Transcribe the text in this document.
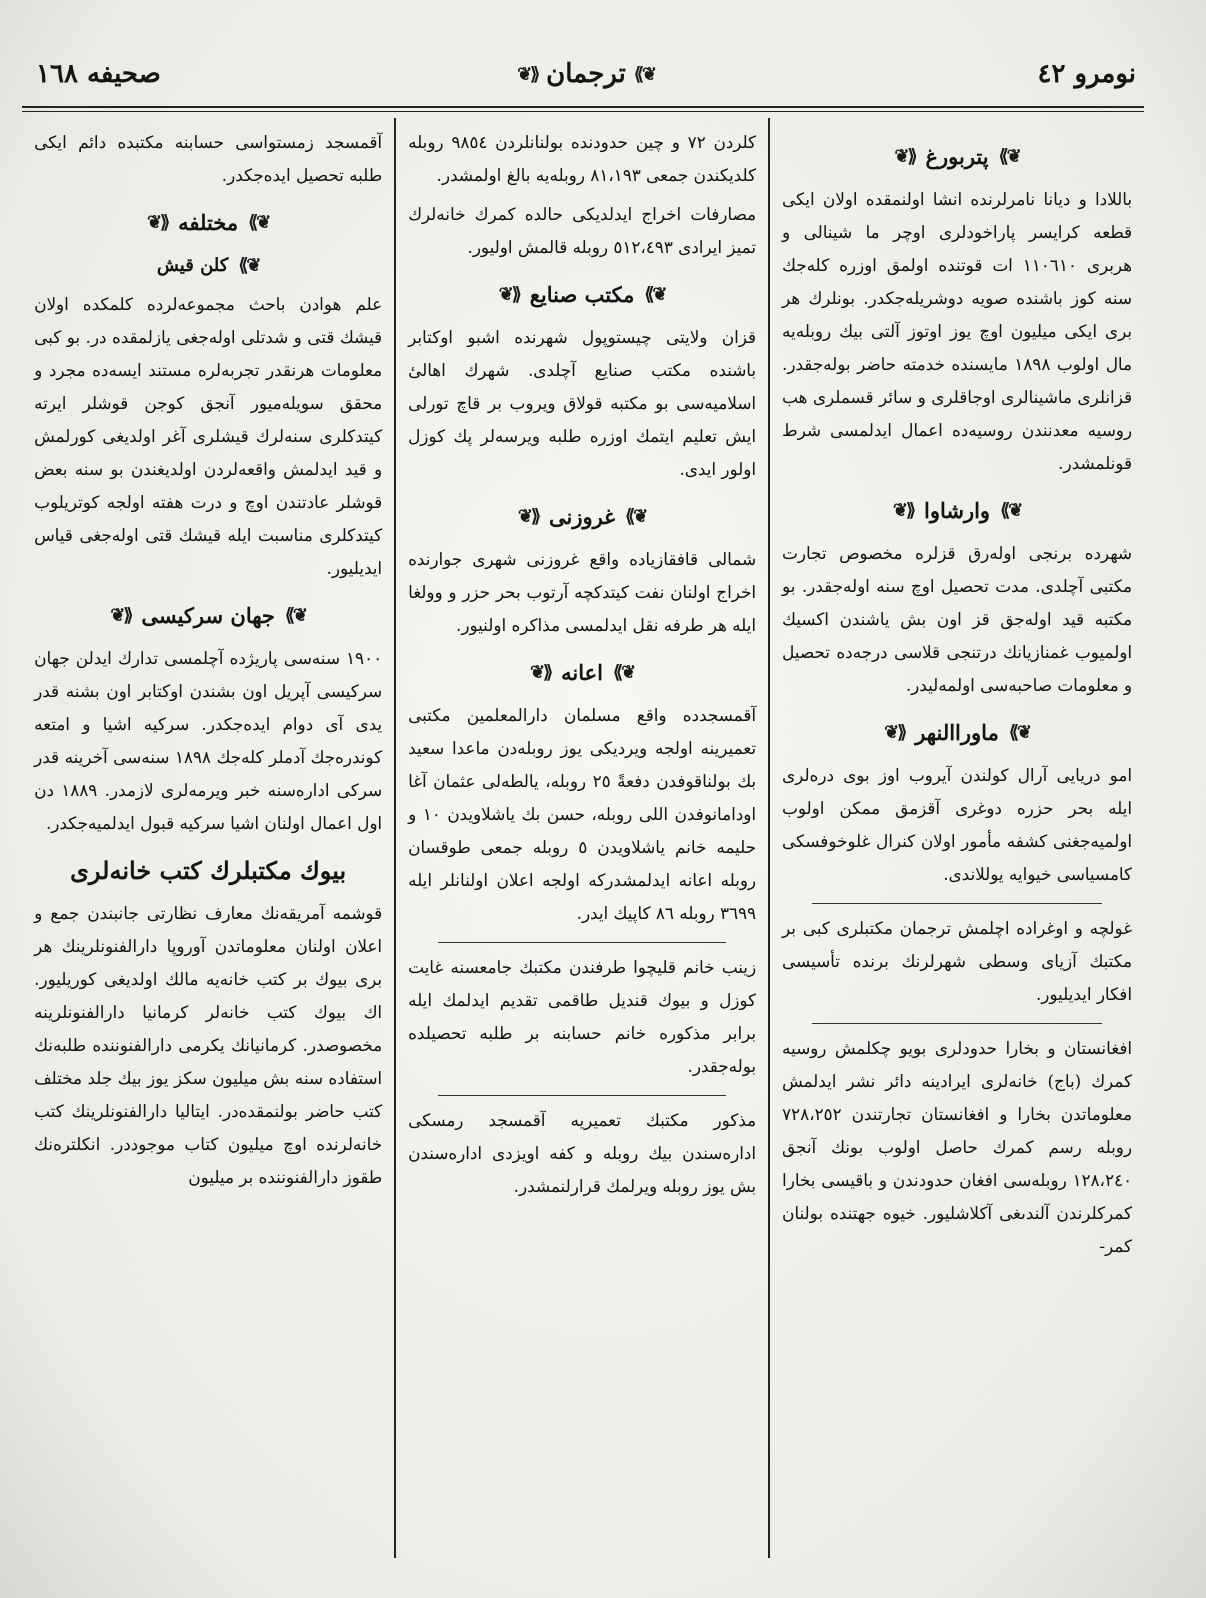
نومرو ٤٢
❦⟫
ترجمان
⟪❦
صحيفه ١٦٨
❦⟫
پتربورغ
⟪❦

باللادا و ديانا نامرلرنده انشا اولنمقده اولان ايكى قطعه كرايسر پاراخودلرى اوچر ما شينالى و هربرى ١١٠٦١٠ ات قوتنده اولمق اوزره كله‌جك سنه كوز باشنده صويه دوشريله‌جكدر. بونلرك هر برى ايكى ميليون اوچ يوز اوتوز آلتى بيك روبله‌يه مال اولوب ١٨٩٨ مايسنده خدمته حاضر بوله‌جقدر. قزانلرى ماشينالرى اوجاقلرى و سائر قسملرى هب روسيه معدنندن روسيه‌ده اعمال ايدلمسى شرط قونلمشدر.

❦⟫
وارشاوا
⟪❦

شهرده برنجى اوله‌رق قزلره مخصوص تجارت مكتبى آچلدى. مدت تحصيل اوچ سنه اوله‌جقدر. بو مكتبه قيد اوله‌جق قز اون بش ياشندن اكسيك اولميوب غمنازيانك درتنجى قلاسى درجه‌ده تحصيل و معلومات صاحبه‌سى اولمه‌ليدر.

❦⟫
ماوراالنهر
⟪❦

امو دريايى آرال كولندن آيروب اوز بوى دره‌لرى ايله بحر حزره دوغرى آقزمق ممكن اولوب اولميه‌جغنى كشفه مأمور اولان كنرال غلوخوفسكى كامسياسى خيوايه يوللاندى.

غولچه و اوغراده اچلمش ترجمان مكتبلرى كبى بر مكتبك آزياى وسطى شهرلرنك برنده تأسيسى افكار ايديليور.

افغانستان و بخارا حدودلرى بويو چكلمش روسيه كمرك (باج) خانه‌لرى ايرادينه دائر نشر ايدلمش معلوماتدن بخارا و افغانستان تجارتندن ٧٢٨،٢٥٢ روبله رسم كمرك حاصل اولوب بونك آنجق ١٢٨،٢٤٠ روبله‌سى افغان حدودندن و باقيسى بخارا كمركلرندن آلندىغى آكلاشليور. خيوه جهتنده بولنان كمر-

كلردن ٧٢ و چين حدودنده بولنانلردن ٩٨٥٤ روبله كلديكندن جمعى ٨١،١٩٣ روبله‌يه بالغ اولمشدر.

مصارفات اخراج ايدلديكى حالده كمرك خانه‌لرك تميز ايرادى ٥١٢،٤٩٣ روبله قالمش اوليور.

❦⟫
مكتب صنايع
⟪❦

قزان ولايتى چيستوپول شهرنده اشبو اوكتابر باشنده مكتب صنايع آچلدى. شهرك اهالىٔ اسلاميه‌سى بو مكتبه قولاق ويروب بر قاچ تورلى ايش تعليم ايتمك اوزره طلبه ويرسه‌لر پك كوزل اولور ايدى.

❦⟫
غروزنى
⟪❦

شمالى قافقازياده واقع غروزنى شهرى جوارنده اخراج اولنان نفت كيتدكچه آرتوب بحر حزر و وولغا ايله هر طرفه نقل ايدلمسى مذاكره اولنيور.

❦⟫
اعانه
⟪❦

آقمسجدده واقع مسلمان دارالمعلمين مكتبى تعميرينه اولجه ويرديكى يوز روبله‌دن ماعدا سعيد بك بولناقوفدن دفعةً ٢٥ روبله، يالطه‌لى عثمان آغا اودامانوفدن اللى روبله، حسن بك ياشلاويدن ١٠ و حليمه خانم ياشلاويدن ٥ روبله جمعى طوقسان روبله اعانه ايدلمشدركه اولجه اعلان اولنانلر ايله ٣٦٩٩ روبله ٨٦ كاپيك ايدر.

زينب خانم قليچوا طرفندن مكتبك جامعسنه غايت كوزل و بيوك قنديل طاقمى تقديم ايدلمك ايله برابر مذكوره خانم حسابنه بر طلبه تحصيلده بوله‌جقدر.

مذكور مكتبك تعميريه آقمسجد رمسكى اداره‌سندن بيك روبله و كفه اويزدى اداره‌سندن بش يوز روبله ويرلمك قرارلنمشدر.

آقمسجد زمستواسى حسابنه مكتبده دائم ايكى طلبه تحصيل ايده‌جكدر.

❦⟫
مختلفه
⟪❦
❦⟫
كلن قيش

علم هوادن باحث مجموعه‌لرده كلمكده اولان قيشك قتى و شدتلى اوله‌جغى يازلمقده در. بو كبى معلومات هرنقدر تجربه‌لره مستند ايسه‌ده مجرد و محقق سويله‌ميور آنجق كوجن قوشلر ايرته كيتدكلرى سنه‌لرك قيشلرى آغر اولديغى كورلمش و قيد ايدلمش واقعه‌لردن اولديغندن بو سنه بعض قوشلر عادتندن اوچ و درت هفته اولجه كوتريلوب كيتدكلرى مناسبت ايله قيشك قتى اوله‌جغى قياس ايديليور.

❦⟫
جهان سركيسى
⟪❦

١٩٠٠ سنه‌سى پاريژده آچلمسى تدارك ايدلن جهان سركيسى آپريل اون بشندن اوكتابر اون بشنه قدر يدى آى دوام ايده‌جكدر. سركيه اشيا و امتعه كوندره‌جك آدملر كله‌جك ١٨٩٨ سنه‌سى آخرينه قدر سركى اداره‌سنه خبر ويرمه‌لرى لازمدر. ١٨٨٩ دن اول اعمال اولنان اشيا سركيه قبول ايدلميه‌جكدر.

بيوك مكتبلرك كتب خانه‌لرى

قوشمه آمريقه‌نك معارف نظارتى جانبندن جمع و اعلان اولنان معلوماتدن آوروپا دارالفنونلرينك هر برى بيوك بر كتب خانه‌يه مالك اولديغى كوريليور. اك بيوك كتب خانه‌لر كرمانيا دارالفنونلرينه مخصوصدر. كرمانيانك يكرمى دارالفنوننده طلبه‌نك استفاده سنه بش ميليون سكز يوز بيك جلد مختلف كتب حاضر بولنمقده‌در. ايتاليا دارالفنونلرينك كتب خانه‌لرنده اوچ ميليون كتاب موجوددر. انكلتره‌نك طقوز دارالفنوننده بر ميليون
